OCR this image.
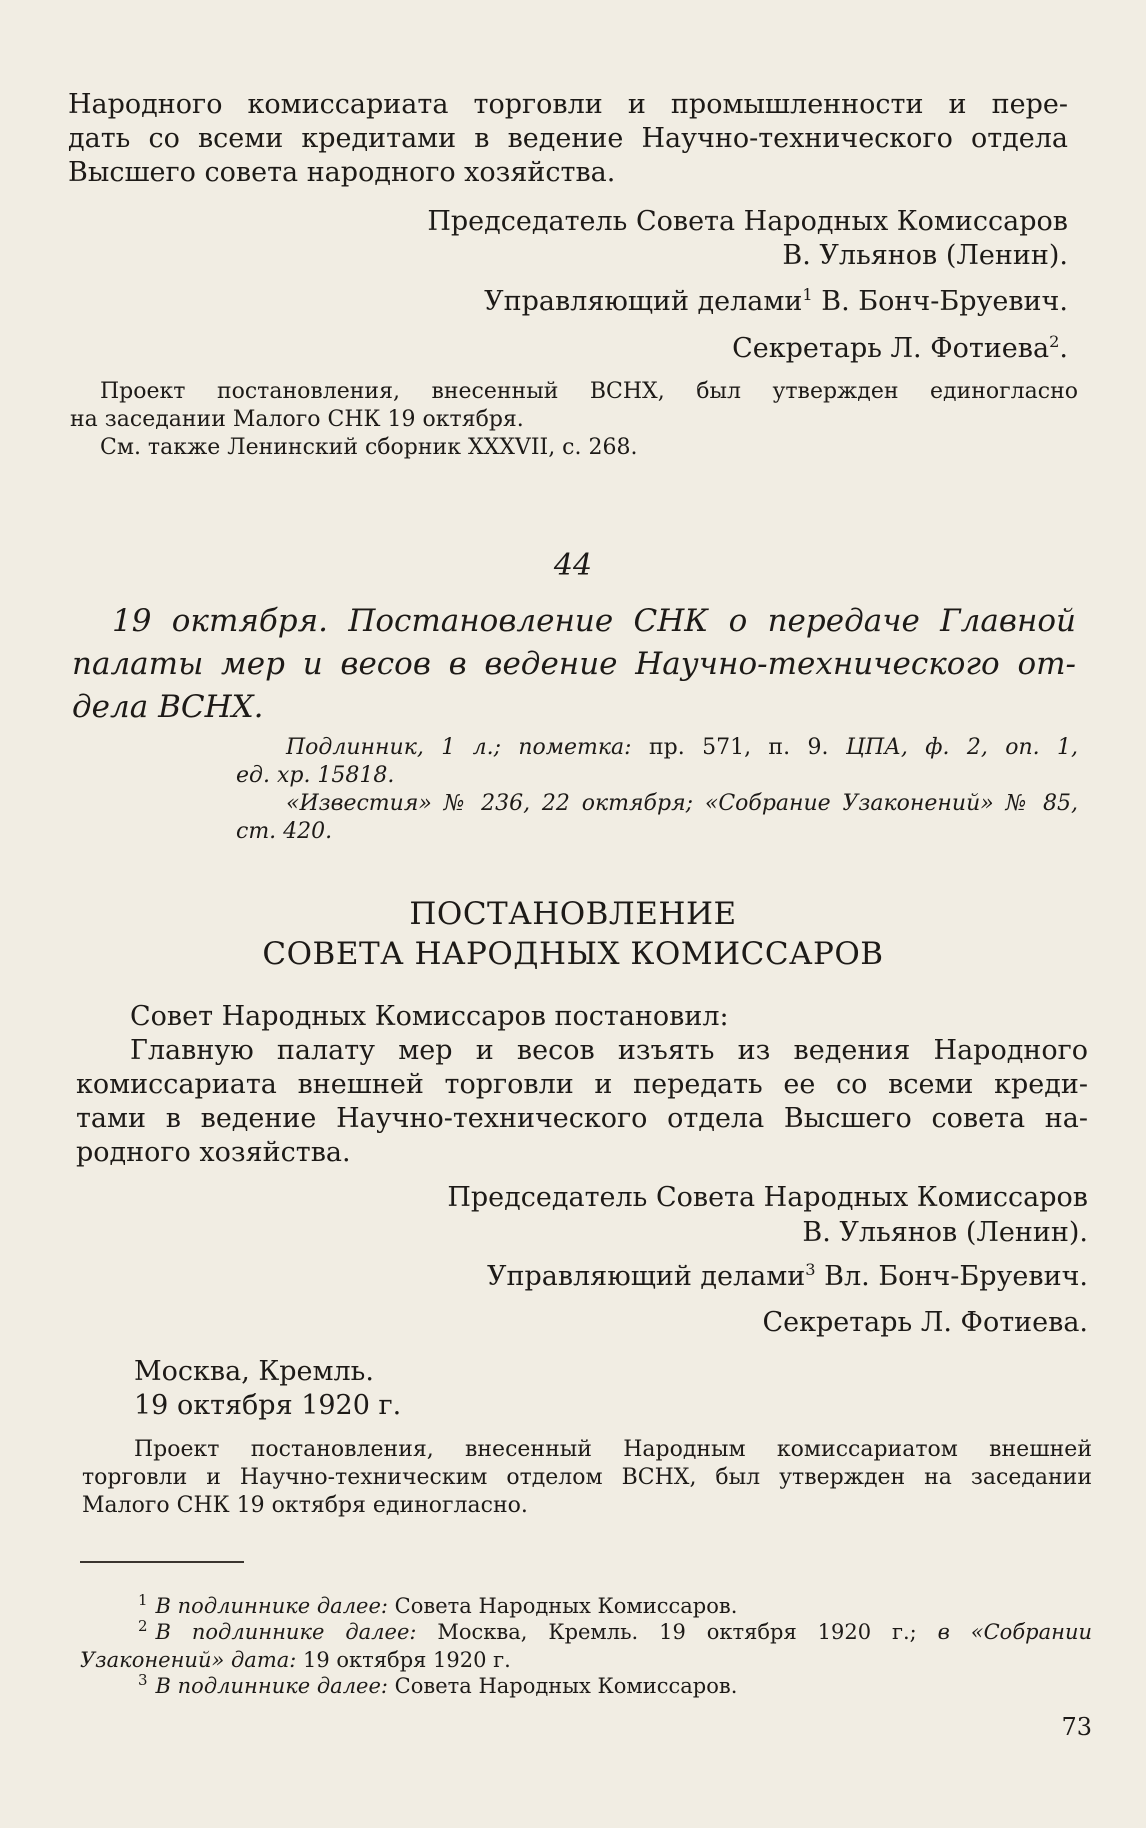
Народного комиссариата торговли и промышленности и пере-
дать со всеми кредитами в ведение Научно-технического отдела
Высшего совета народного хозяйства.

Председатель Совета Народных Комиссаров

В. Ульянов (Ленин).

Управляющий делами$^1$ В. Бонч-Бруевич.

Секретарь Л. Фотиева$^2$.

Проект постановления, внесенный ВСНХ, был утвержден единогласно
на заседании Малого СНК 19 октября.
См. также Ленинский сборник XXXVII, с. 268.

44

19 октября. Постановление СНК о передаче Главной
палаты мер и весов в ведение Научно-технического от-
дела ВСНХ.
Подлинник, 1 л.; пометка: пр. 571, п. 9. ЦПА, ф. 2, оп. 1,
ед. хр. 15818.
«Известия» № 236, 22 октября; «Собрание Узаконений» № 85,
ст. 420.

ПОСТАНОВЛЕНИЕ

СОВЕТА НАРОДНЫХ КОМИССАРОВ

Совет Народных Комиссаров постановил:

Главную палату мер и весов изъять из ведения Народного
комиссариата внешней торговли и передать ее со всеми креди-
тами в ведение Научно-технического отдела Высшего совета на-
родного хозяйства.

Председатель Совета Народных Комиссаров

В. Ульянов (Ленин).

Управляющий делами$^3$ Вл. Бонч-Бруевич.

Секретарь Л. Фотиева.

Москва, Кремль.

19 октября 1920 г.

Проект постановления, внесенный Народным комиссариатом внешней
торговли и Научно-техническим отделом ВСНХ, был утвержден на заседании
Малого СНК 19 октября единогласно.

$^1$ В подлиннике далее: Совета Народных Комиссаров.

$^2$ В подлиннике далее: Москва, Кремль. 19 октября 1920 г.; в «Собрании
Узаконений» дата: 19 октября 1920 г.

$^3$ В подлиннике далее: Совета Народных Комиссаров.

73
